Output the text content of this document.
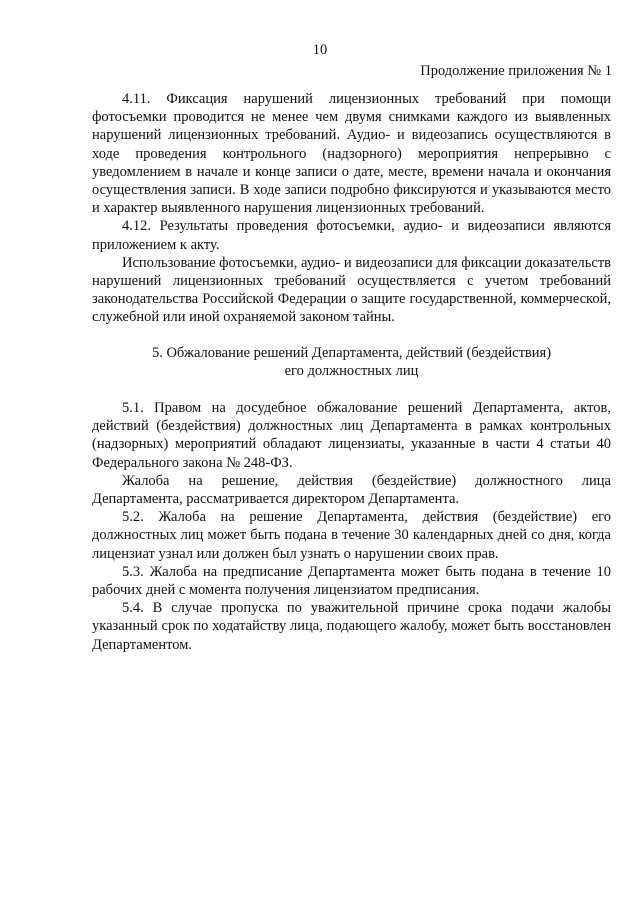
10
Продолжение приложения № 1

4.11. Фиксация нарушений лицензионных требований при помощи фотосъемки проводится не менее чем двумя снимками каждого из выявленных нарушений лицензионных требований. Аудио- и видеозапись осуществляются в ходе проведения контрольного (надзорного) мероприятия непрерывно с уведомлением в начале и конце записи о дате, месте, времени начала и окончания осуществления записи. В ходе записи подробно фиксируются и указываются место и характер выявленного нарушения лицензионных требований.

4.12. Результаты проведения фотосъемки, аудио- и видеозаписи являются приложением к акту.

Использование фотосъемки, аудио- и видеозаписи для фиксации доказательств нарушений лицензионных требований осуществляется с учетом требований законодательства Российской Федерации о защите государственной, коммерческой, служебной или иной охраняемой законом тайны.

5. Обжалование решений Департамента, действий (бездействия)
его должностных лиц

5.1. Правом на досудебное обжалование решений Департамента, актов, действий (бездействия) должностных лиц Департамента в рамках контрольных (надзорных) мероприятий обладают лицензиаты, указанные в части 4 статьи 40 Федерального закона № 248-ФЗ.

Жалоба на решение, действия (бездействие) должностного лица Департамента, рассматривается директором Департамента.

5.2. Жалоба на решение Департамента, действия (бездействие) его должностных лиц может быть подана в течение 30 календарных дней со дня, когда лицензиат узнал или должен был узнать о нарушении своих прав.

5.3. Жалоба на предписание Департамента может быть подана в течение 10 рабочих дней с момента получения лицензиатом предписания.

5.4. В случае пропуска по уважительной причине срока подачи жалобы указанный срок по ходатайству лица, подающего жалобу, может быть восстановлен Департаментом.
